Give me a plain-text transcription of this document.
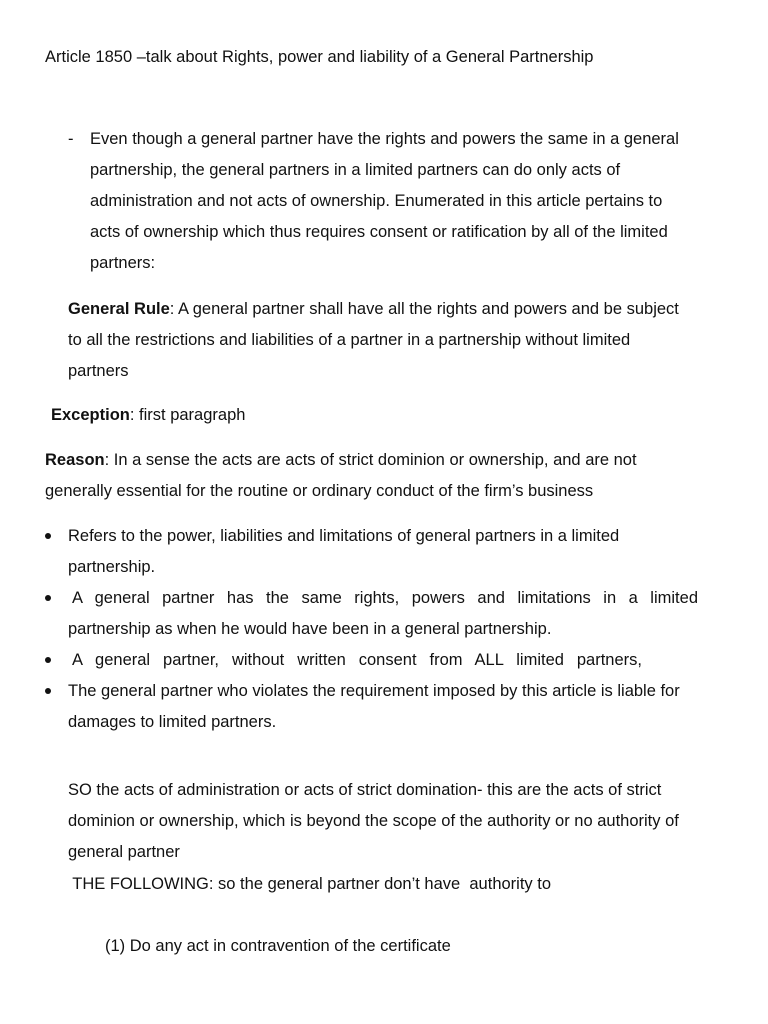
Article 1850 –talk about Rights, power and liability of a General Partnership
- Even though a general partner have the rights and powers the same in a general
partnership, the general partners in a limited partners can do only acts of
administration and not acts of ownership. Enumerated in this article pertains to
acts of ownership which thus requires consent or ratification by all of the limited
partners:
General Rule: A general partner shall have all the rights and powers and be subject
to all the restrictions and liabilities of a partner in a partnership without limited
partners
Exception: first paragraph
Reason: In a sense the acts are acts of strict dominion or ownership, and are not
generally essential for the routine or ordinary conduct of the firm’s business
Refers to the power, liabilities and limitations of general partners in a limited
partnership.
A general partner has the same rights, powers and limitations in a limited
partnership as when he would have been in a general partnership.
A general partner, without written consent from ALL limited partners,
The general partner who violates the requirement imposed by this article is liable for
damages to limited partners.
SO the acts of administration or acts of strict domination- this are the acts of strict
dominion or ownership, which is beyond the scope of the authority or no authority of
general partner
THE FOLLOWING: so the general partner don’t have  authority to
(1) Do any act in contravention of the certificate
